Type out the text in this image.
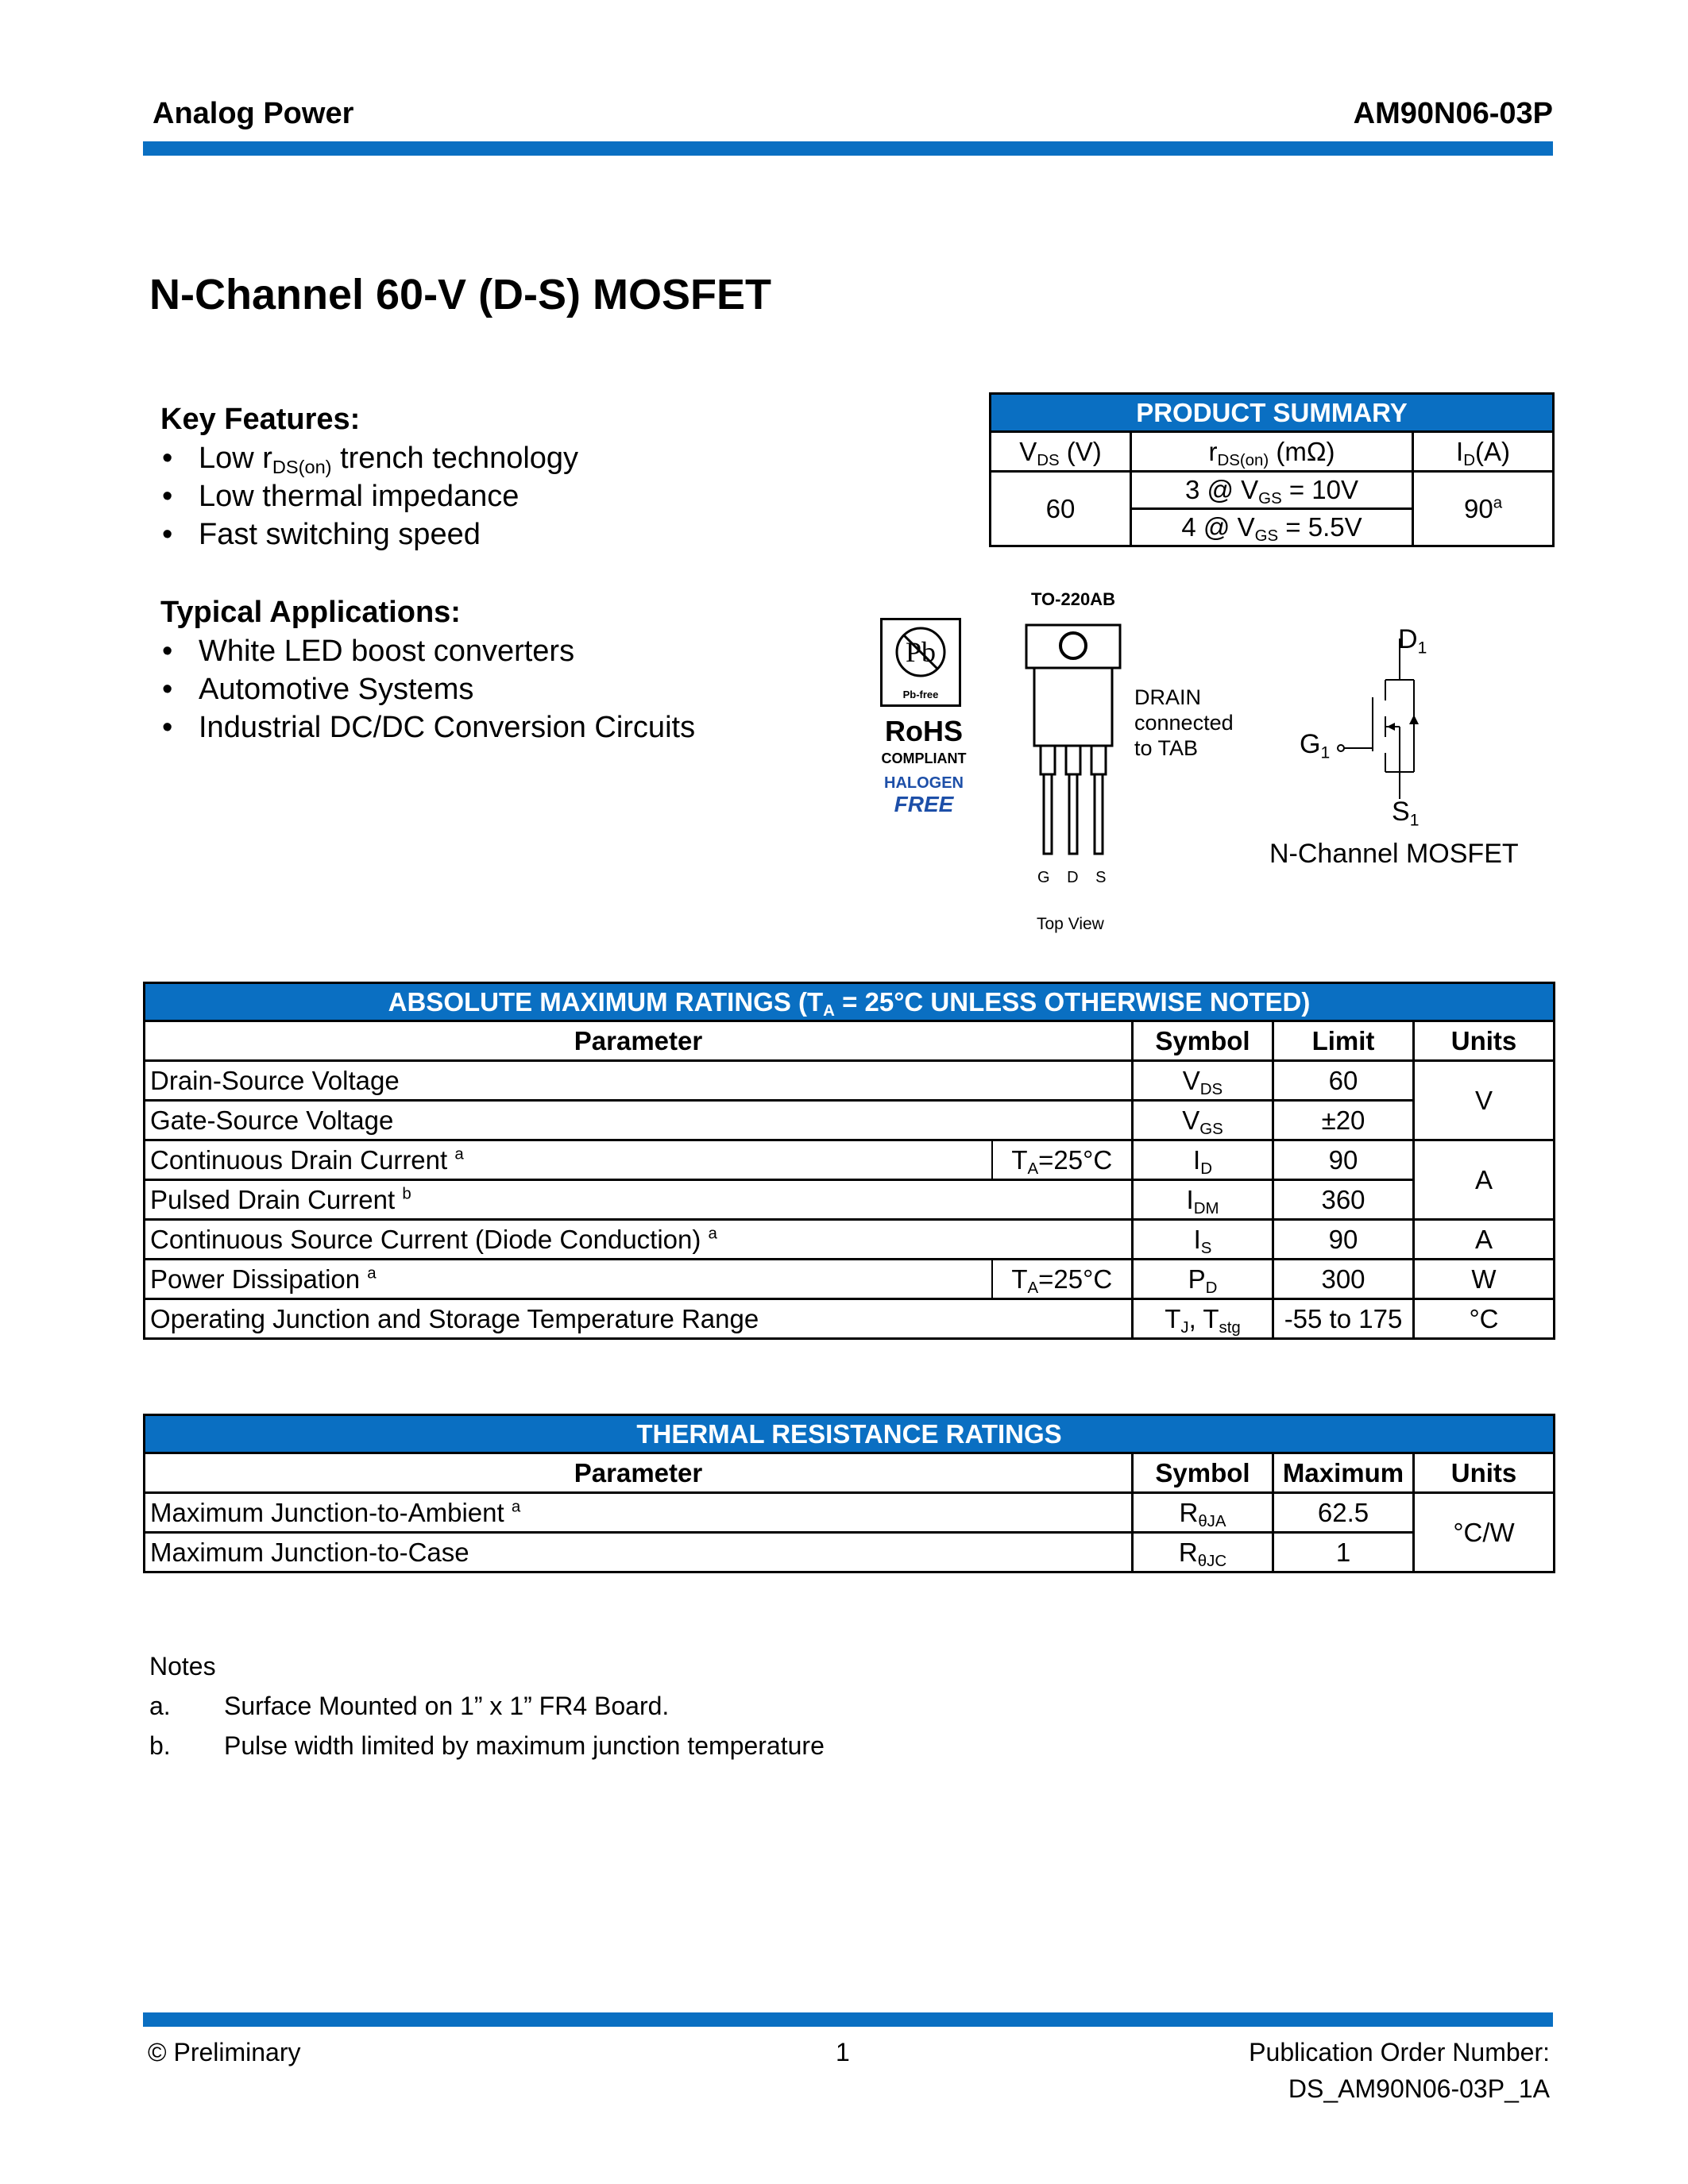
Analog Power	AM90N06-03P
N-Channel 60-V (D-S) MOSFET
Key Features:
• Low $r_{DS(on)}$ trench technology
• Low thermal impedance
• Fast switching speed
Typical Applications:
• White LED boost converters
• Automotive Systems
• Industrial DC/DC Conversion Circuits
PRODUCT SUMMARY		
$V_{DS}$ (V)	$r_{DS(on)}$ (mΩ)	$I_D(A)$
60	3 @ $V_{GS} = 10V$	90$^a$
	4 @ $V_{GS} = 5.5V$	
Pb
Pb-free
RoHS
COMPLIANT
HALOGEN
FREE
TO-220AB
G D S
Top View
DRAIN
connected
to TAB
$D_1$
$G_1$
$S_1$
N-Channel MOSFET
ABSOLUTE MAXIMUM RATINGS ($T_A = 25^\circ C$ UNLESS OTHERWISE NOTED)				
Parameter		Symbol	Limit	Units
Drain-Source Voltage		$V_{DS}$	60	V
Gate-Source Voltage		$V_{GS}$	±20	
Continuous Drain Current $^a$	$T_A=25^\circ C$	$I_D$	90	A
Pulsed Drain Current $^b$		$I_{DM}$	360	
Continuous Source Current (Diode Conduction) $^a$		$I_S$	90	A
Power Dissipation $^a$	$T_A=25^\circ C$	$P_D$	300	W
Operating Junction and Storage Temperature Range		$T_J$, $T_{stg}$	-55 to 175	°C
THERMAL RESISTANCE RATINGS			
Parameter	Symbol	Maximum	Units
Maximum Junction-to-Ambient $^a$	$R_{\theta JA}$	62.5	°C/W
Maximum Junction-to-Case	$R_{\theta JC}$	1	
Notes
a. Surface Mounted on 1” x 1” FR4 Board.
b. Pulse width limited by maximum junction temperature
© Preliminary	1	Publication Order Number:
DS_AM90N06-03P_1A
